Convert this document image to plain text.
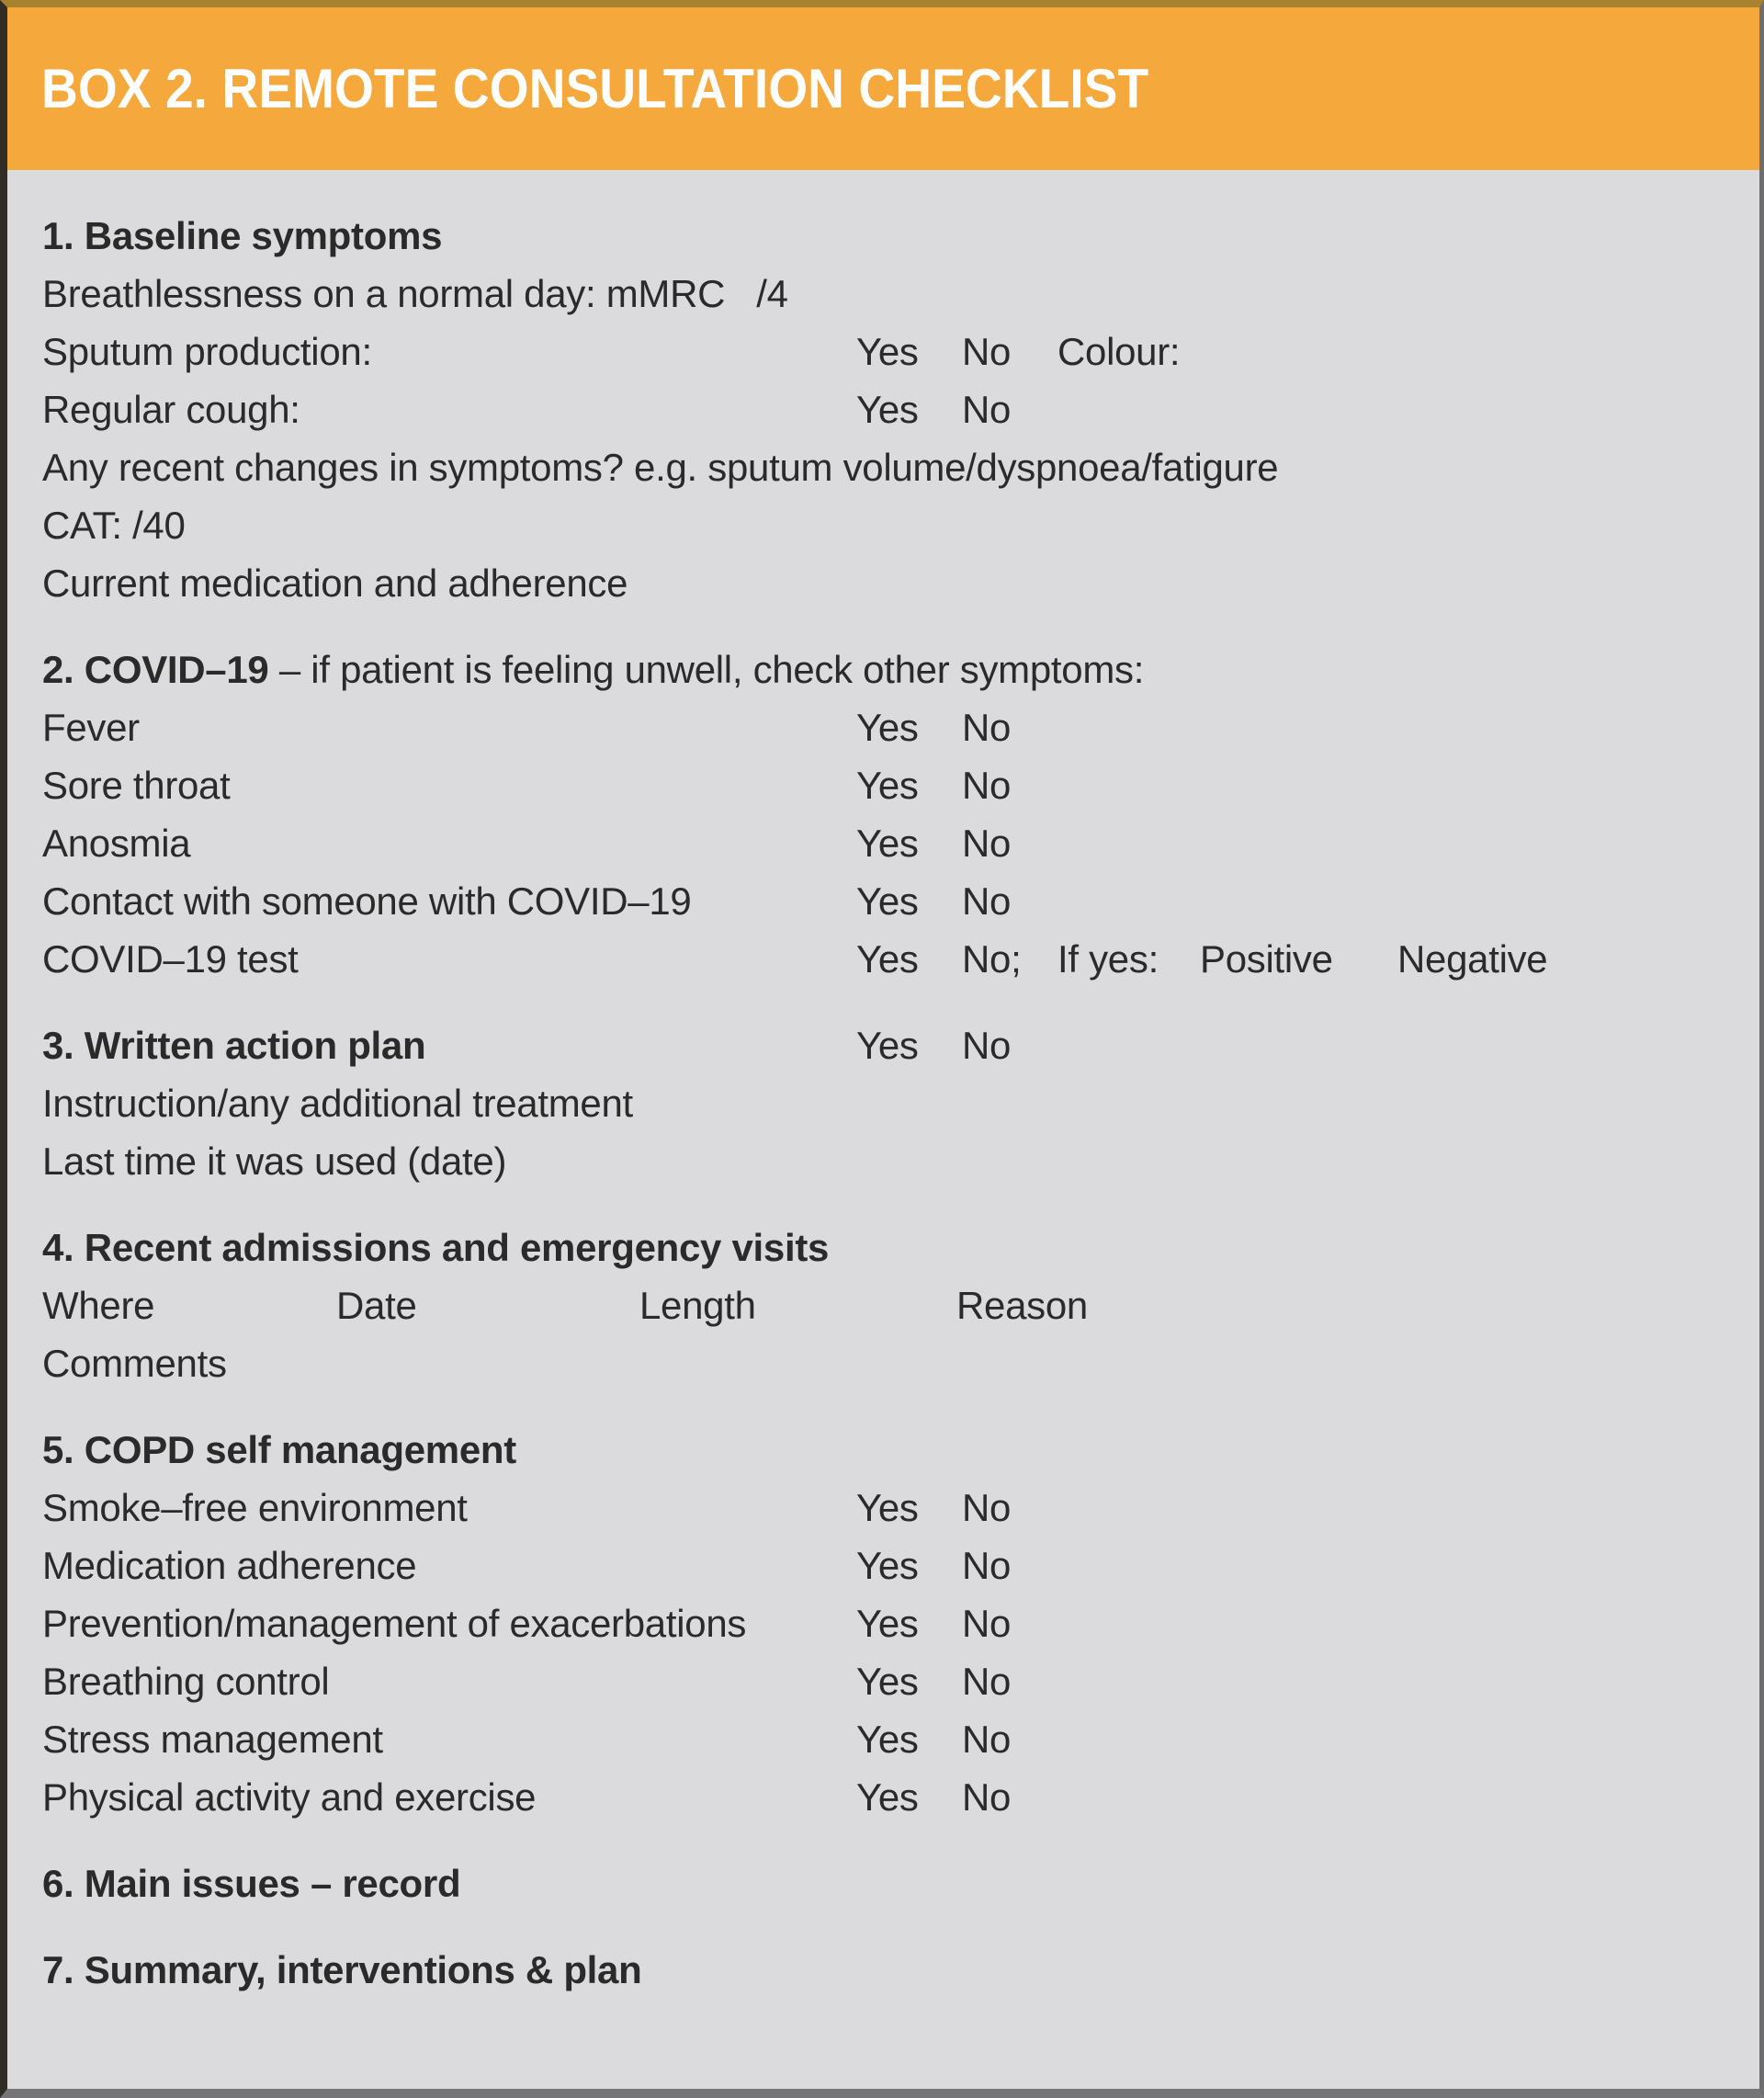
BOX 2. REMOTE CONSULTATION CHECKLIST
1. Baseline symptoms
Breathlessness on a normal day: mMRC   /4
Sputum production:	Yes No Colour:
Regular cough:	Yes No
Any recent changes in symptoms? e.g. sputum volume/dyspnoea/fatigure
CAT: /40
Current medication and adherence
2. COVID–19 – if patient is feeling unwell, check other symptoms:
Fever	Yes No
Sore throat	Yes No
Anosmia	Yes No
Contact with someone with COVID–19	Yes No
COVID–19 test	Yes No; If yes: Positive Negative
3. Written action plan	Yes No
Instruction/any additional treatment
Last time it was used (date)
4. Recent admissions and emergency visits
Where	Date	Length	Reason
Comments
5. COPD self management
Smoke–free environment	Yes No
Medication adherence	Yes No
Prevention/management of exacerbations	Yes No
Breathing control	Yes No
Stress management	Yes No
Physical activity and exercise	Yes No
6. Main issues – record
7. Summary, interventions & plan
